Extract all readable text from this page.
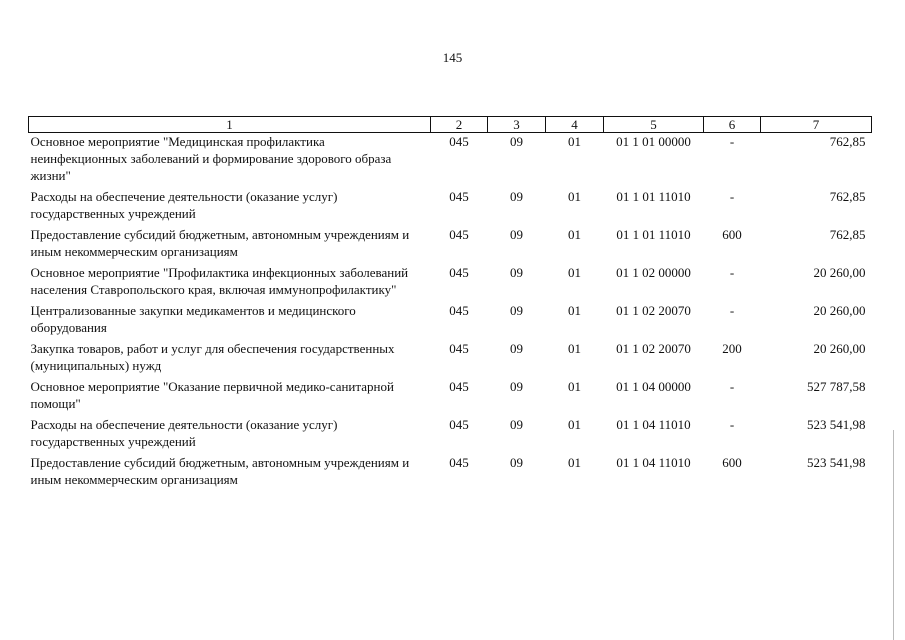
145
1	2	3	4	5	6	7
Основное мероприятие "Медицинская профилактика неинфекционных заболеваний и формирование здорового образа жизни"	045	09	01	01 1 01 00000	-	762,85
Расходы на обеспечение деятельности (оказание услуг) государственных учреждений	045	09	01	01 1 01 11010	-	762,85
Предоставление субсидий бюджетным, автономным учреждениям и иным некоммерческим организациям	045	09	01	01 1 01 11010	600	762,85
Основное мероприятие "Профилактика инфекционных заболеваний населения Ставропольского края, включая иммунопрофилактику"	045	09	01	01 1 02 00000	-	20 260,00
Централизованные закупки медикаментов и медицинского оборудования	045	09	01	01 1 02 20070	-	20 260,00
Закупка товаров, работ и услуг для обеспечения государственных (муниципальных) нужд	045	09	01	01 1 02 20070	200	20 260,00
Основное мероприятие "Оказание первичной медико-санитарной помощи"	045	09	01	01 1 04 00000	-	527 787,58
Расходы на обеспечение деятельности (оказание услуг) государственных учреждений	045	09	01	01 1 04 11010	-	523 541,98
Предоставление субсидий бюджетным, автономным учреждениям и иным некоммерческим организациям	045	09	01	01 1 04 11010	600	523 541,98
